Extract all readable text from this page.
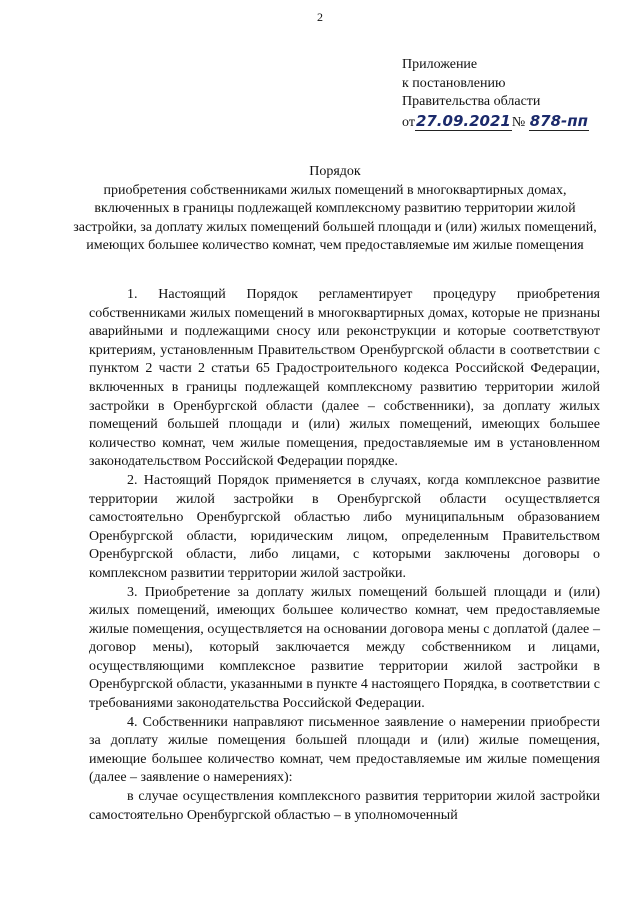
2
Приложение
к постановлению
Правительства области
от27.09.2021№ 878-пп
Порядок
приобретения собственниками жилых помещений в многоквартирных домах, включенных в границы подлежащей комплексному развитию территории жилой застройки, за доплату жилых помещений большей площади и (или) жилых помещений, имеющих большее количество комнат, чем предоставляемые им жилые помещения

1. Настоящий Порядок регламентирует процедуру приобретения собственниками жилых помещений в многоквартирных домах, которые не признаны аварийными и подлежащими сносу или реконструкции и которые соответствуют критериям, установленным Правительством Оренбургской области в соответствии с пунктом 2 части 2 статьи 65 Градостроительного кодекса Российской Федерации, включенных в границы подлежащей комплексному развитию территории жилой застройки в Оренбургской области (далее – собственники), за доплату жилых помещений большей площади и (или) жилых помещений, имеющих большее количество комнат, чем жилые помещения, предоставляемые им в установленном законодательством Российской Федерации порядке.

2. Настоящий Порядок применяется в случаях, когда комплексное развитие территории жилой застройки в Оренбургской области осуществляется самостоятельно Оренбургской областью либо муниципальным образованием Оренбургской области, юридическим лицом, определенным Правительством Оренбургской области, либо лицами, с которыми заключены договоры о комплексном развитии территории жилой застройки.

3. Приобретение за доплату жилых помещений большей площади и (или) жилых помещений, имеющих большее количество комнат, чем предоставляемые жилые помещения, осуществляется на основании договора мены с доплатой (далее – договор мены), который заключается между собственником и лицами, осуществляющими комплексное развитие территории жилой застройки в Оренбургской области, указанными в пункте 4 настоящего Порядка, в соответствии с требованиями законодательства Российской Федерации.

4. Собственники направляют письменное заявление о намерении приобрести за доплату жилые помещения большей площади и (или) жилые помещения, имеющие большее количество комнат, чем предоставляемые им жилые помещения (далее – заявление о намерениях):

в случае осуществления комплексного развития территории жилой застройки самостоятельно Оренбургской областью – в уполномоченный
